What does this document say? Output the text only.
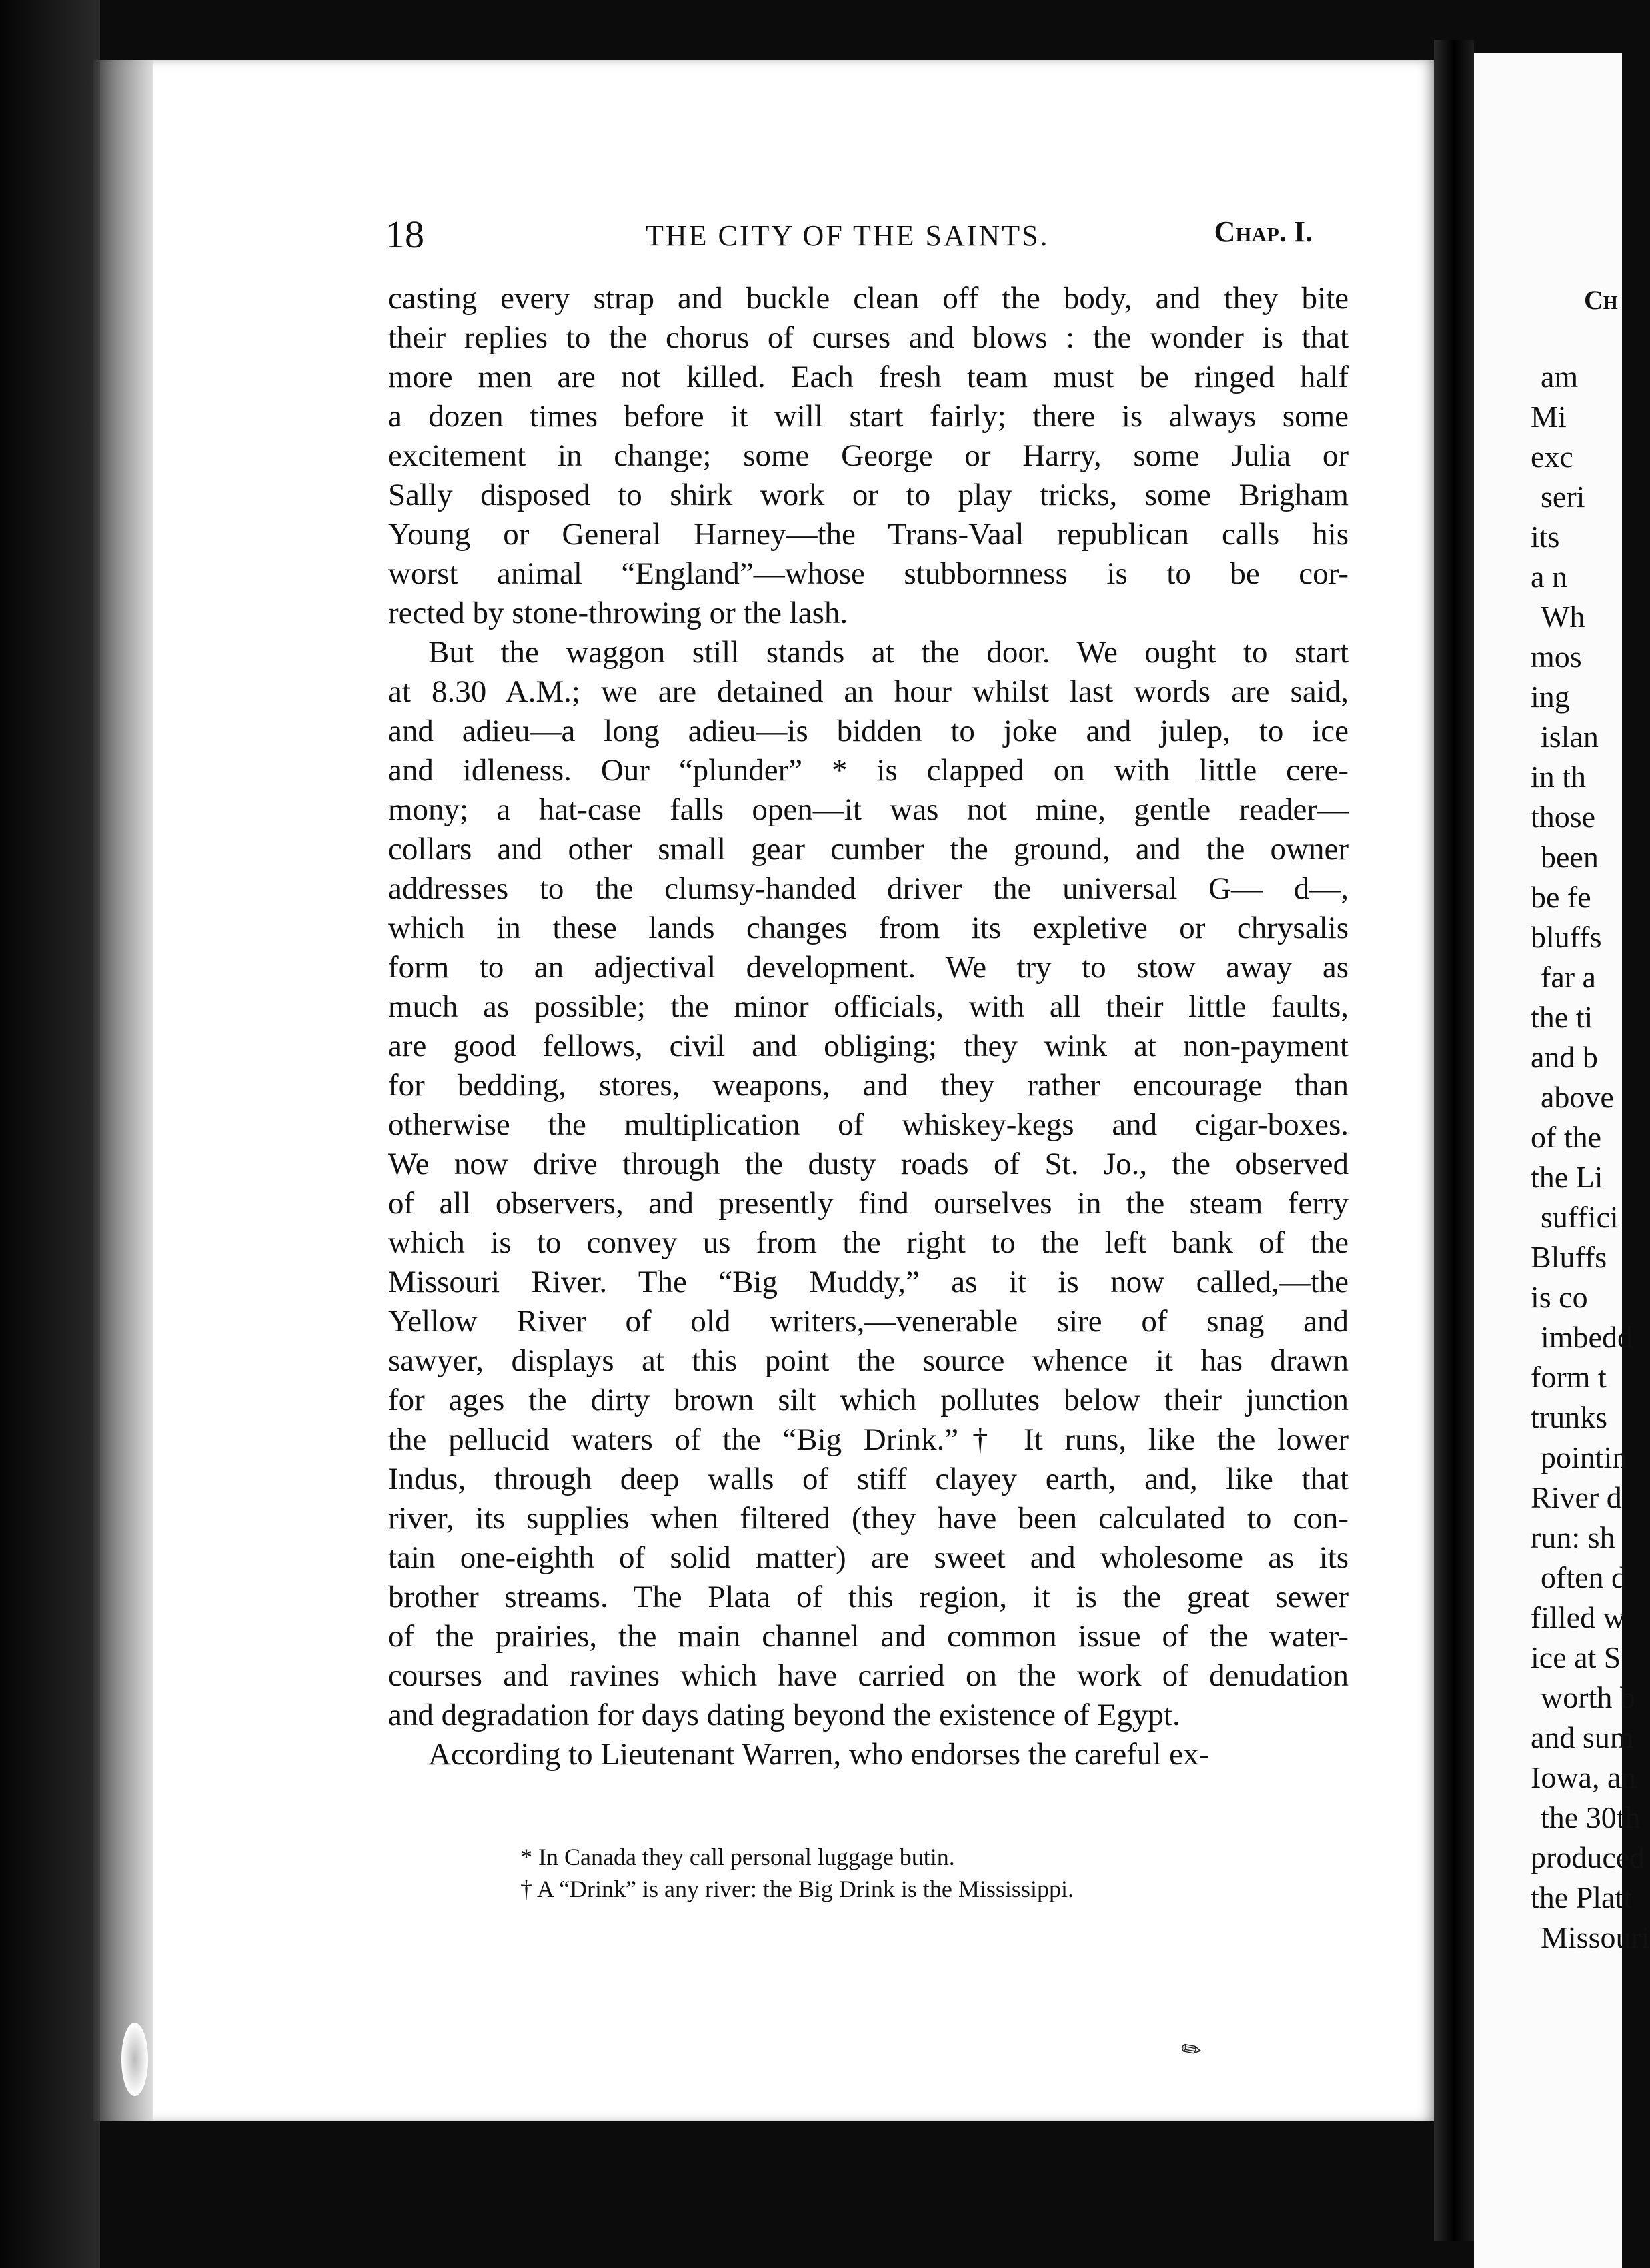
18	THE CITY OF THE SAINTS.	Chap. I.
casting every strap and buckle clean off the body, and they bite
their replies to the chorus of curses and blows : the wonder is that
more men are not killed. Each fresh team must be ringed half
a dozen times before it will start fairly; there is always some
excitement in change; some George or Harry, some Julia or
Sally disposed to shirk work or to play tricks, some Brigham
Young or General Harney—the Trans-Vaal republican calls his
worst animal “England”—whose stubbornness is to be cor-
rected by stone-throwing or the lash.
But the waggon still stands at the door. We ought to start
at 8.30 A.M.; we are detained an hour whilst last words are said,
and adieu—a long adieu—is bidden to joke and julep, to ice
and idleness. Our “plunder” * is clapped on with little cere-
mony; a hat-case falls open—it was not mine, gentle reader—
collars and other small gear cumber the ground, and the owner
addresses to the clumsy-handed driver the universal G— d—,
which in these lands changes from its expletive or chrysalis
form to an adjectival development. We try to stow away as
much as possible; the minor officials, with all their little faults,
are good fellows, civil and obliging; they wink at non-payment
for bedding, stores, weapons, and they rather encourage than
otherwise the multiplication of whiskey-kegs and cigar-boxes.
We now drive through the dusty roads of St. Jo., the observed
of all observers, and presently find ourselves in the steam ferry
which is to convey us from the right to the left bank of the
Missouri River. The “Big Muddy,” as it is now called,—the
Yellow River of old writers,—venerable sire of snag and
sawyer, displays at this point the source whence it has drawn
for ages the dirty brown silt which pollutes below their junction
the pellucid waters of the “Big Drink.”† It runs, like the lower
Indus, through deep walls of stiff clayey earth, and, like that
river, its supplies when filtered (they have been calculated to con-
tain one-eighth of solid matter) are sweet and wholesome as its
brother streams. The Plata of this region, it is the great sewer
of the prairies, the main channel and common issue of the water-
courses and ravines which have carried on the work of denudation
and degradation for days dating beyond the existence of Egypt.
According to Lieutenant Warren, who endorses the careful ex-
* In Canada they call personal luggage butin.
† A “Drink” is any river: the Big Drink is the Mississippi.
✎
Ch
am
Mi
exc
seri
its
a n
Wh
mos
ing
islan
in th
those
been
be fe
bluffs
far a
the ti
and b
above
of the
the Li
suffici
Bluffs
is co
imbedd
form t
trunks
pointin
River d
run: sh
often d
filled w
ice at S
worth b
and sum
Iowa, an
the 30th
produced
the Platt
Missouri
